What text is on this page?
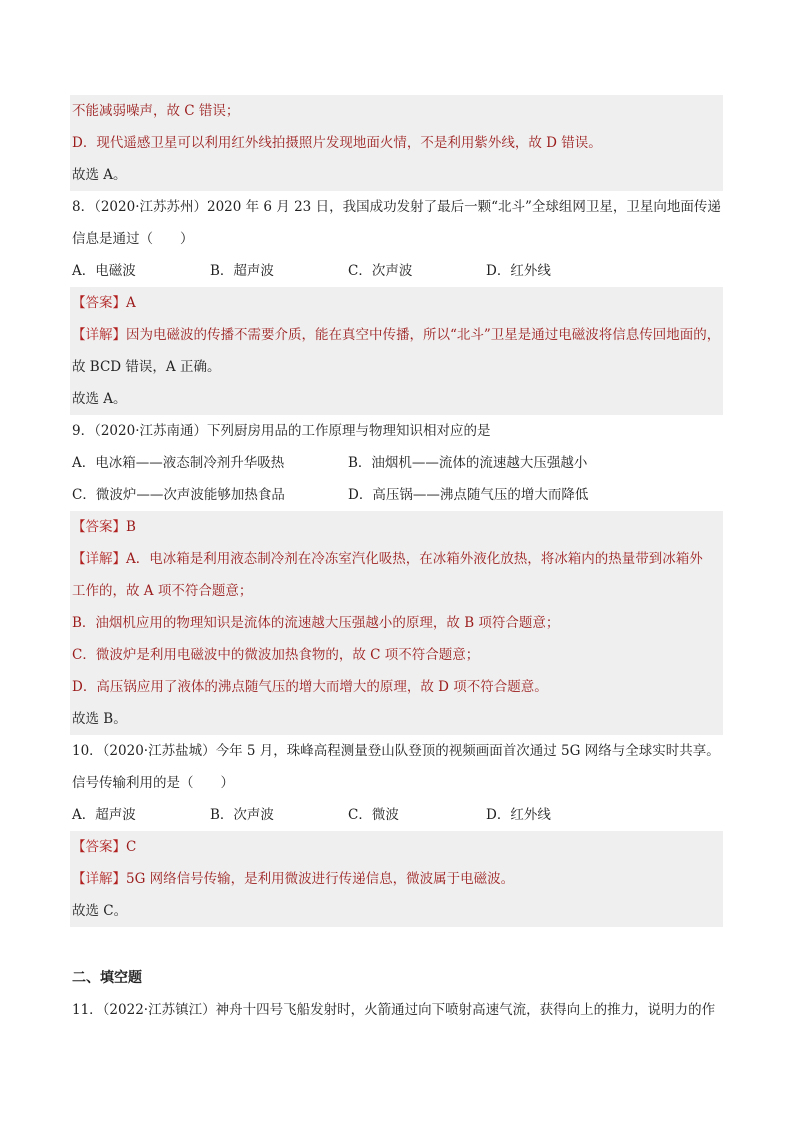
不能减弱噪声，故 C 错误；
D．现代遥感卫星可以利用红外线拍摄照片发现地面火情，不是利用紫外线，故 D 错误。
故选 A。
8．（2020·江苏苏州）2020 年 6 月 23 日，我国成功发射了最后一颗“北斗”全球组网卫星，卫星向地面传递
信息是通过（　　）
A．电磁波	B．超声波	C．次声波	D．红外线
【答案】A
【详解】因为电磁波的传播不需要介质，能在真空中传播，所以“北斗”卫星是通过电磁波将信息传回地面的，
故 BCD 错误，A 正确。
故选 A。
9．（2020·江苏南通）下列厨房用品的工作原理与物理知识相对应的是
A．电冰箱——液态制冷剂升华吸热	B．油烟机——流体的流速越大压强越小
C．微波炉——次声波能够加热食品	D．高压锅——沸点随气压的增大而降低
【答案】B
【详解】A．电冰箱是利用液态制冷剂在冷冻室汽化吸热，在冰箱外液化放热，将冰箱内的热量带到冰箱外
工作的，故 A 项不符合题意；
B．油烟机应用的物理知识是流体的流速越大压强越小的原理，故 B 项符合题意；
C．微波炉是利用电磁波中的微波加热食物的，故 C 项不符合题意；
D．高压锅应用了液体的沸点随气压的增大而增大的原理，故 D 项不符合题意。
故选 B。
10．（2020·江苏盐城）今年 5 月，珠峰高程测量登山队登顶的视频画面首次通过 5G 网络与全球实时共享。
信号传输利用的是（　　）
A．超声波	B．次声波	C．微波	D．红外线
【答案】C
【详解】5G 网络信号传输，是利用微波进行传递信息，微波属于电磁波。
故选 C。
二、填空题
11．（2022·江苏镇江）神舟十四号飞船发射时，火箭通过向下喷射高速气流，获得向上的推力，说明力的作
